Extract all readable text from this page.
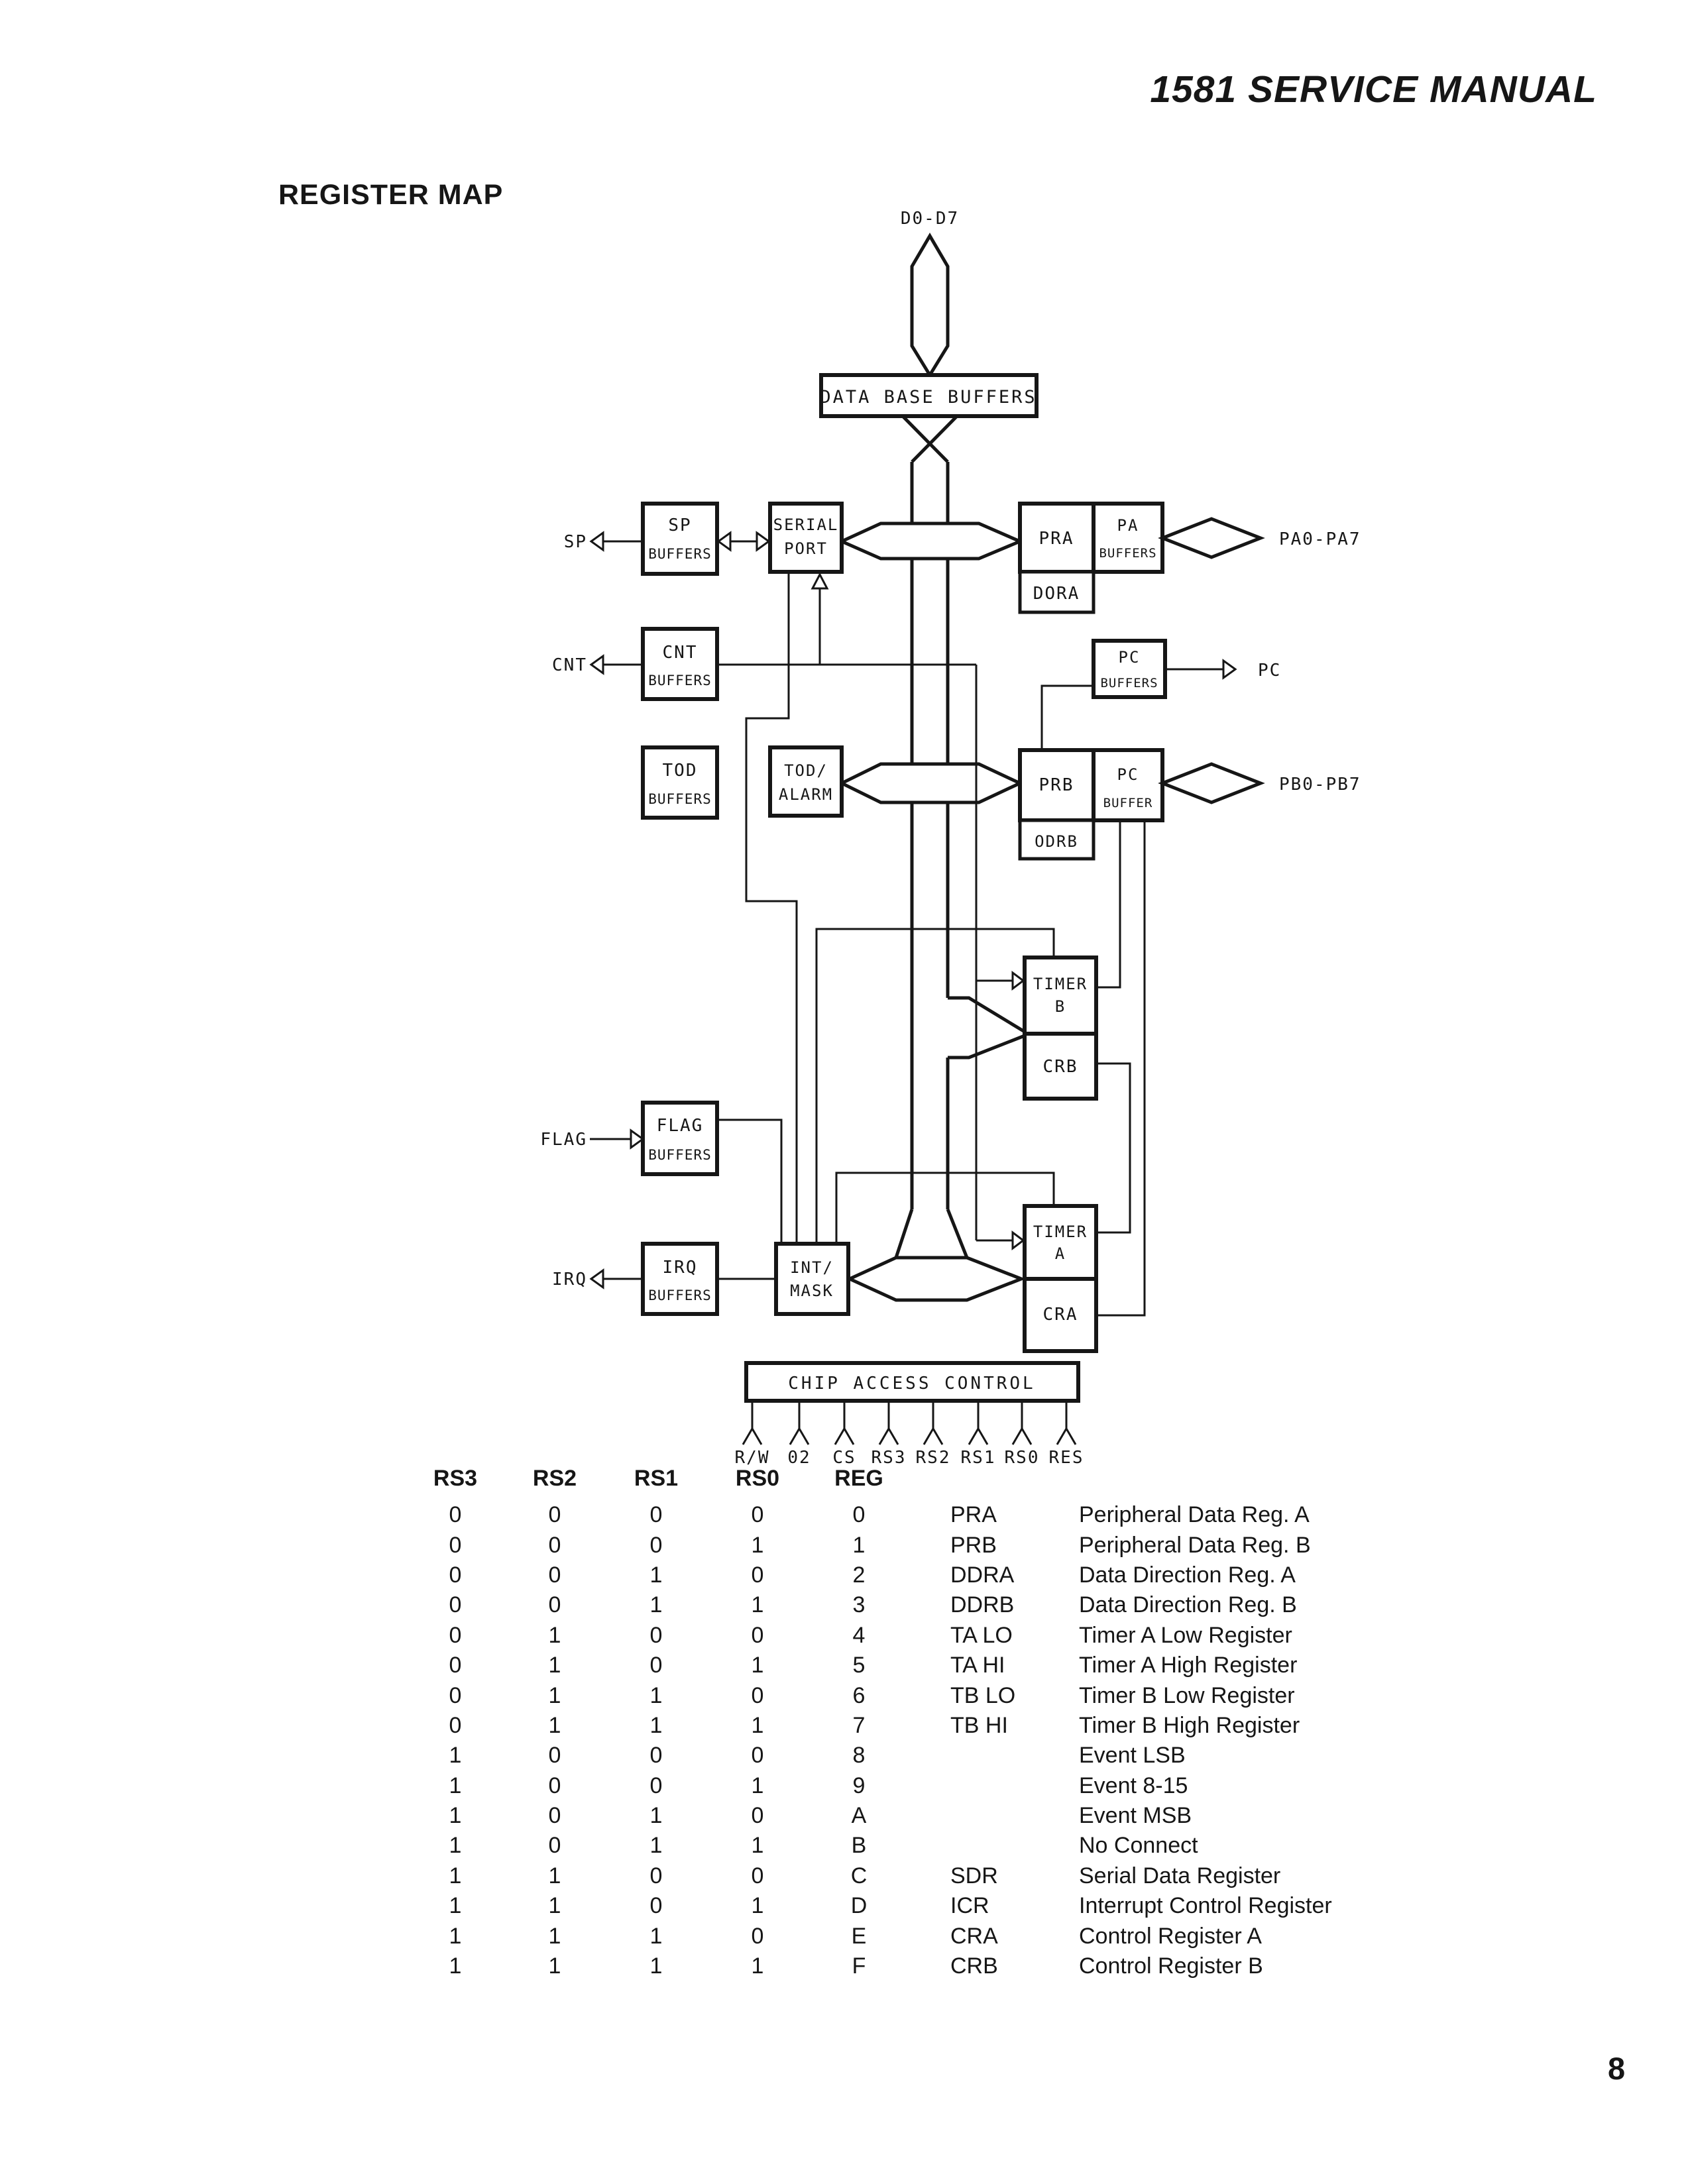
1581 SERVICE MANUAL
REGISTER MAP
D0-D7
DATA BASE BUFFERS
SP
SP
BUFFERS
SERIAL
PORT	PRA
PA
BUFFERS
DORA
PA0-PA7
CNT
CNT
BUFFERS
PC
BUFFERS
PC
TOD
BUFFERS
TOD/
ALARM	PRB
PC
BUFFER
ODRB
PB0-PB7
TIMER
B
CRB
FLAG
FLAG
BUFFERS
TIMER
A
CRA
IRQ
IRQ
BUFFERS
INT/
MASK
CHIP ACCESS CONTROL
R/W 02 CS RS3 RS2 RS1 RS0 RES
RS3	RS2	RS1	RS0	REG		
0	0	0	0	0	PRA	Peripheral Data Reg. A
0	0	0	1	1	PRB	Peripheral Data Reg. B
0	0	1	0	2	DDRA	Data Direction Reg. A
0	0	1	1	3	DDRB	Data Direction Reg. B
0	1	0	0	4	TA LO	Timer A Low Register
0	1	0	1	5	TA HI	Timer A High Register
0	1	1	0	6	TB LO	Timer B Low Register
0	1	1	1	7	TB HI	Timer B High Register
1	0	0	0	8		Event LSB
1	0	0	1	9		Event 8-15
1	0	1	0	A		Event MSB
1	0	1	1	B		No Connect
1	1	0	0	C	SDR	Serial Data Register
1	1	0	1	D	ICR	Interrupt Control Register
1	1	1	0	E	CRA	Control Register A
1	1	1	1	F	CRB	Control Register B
8
